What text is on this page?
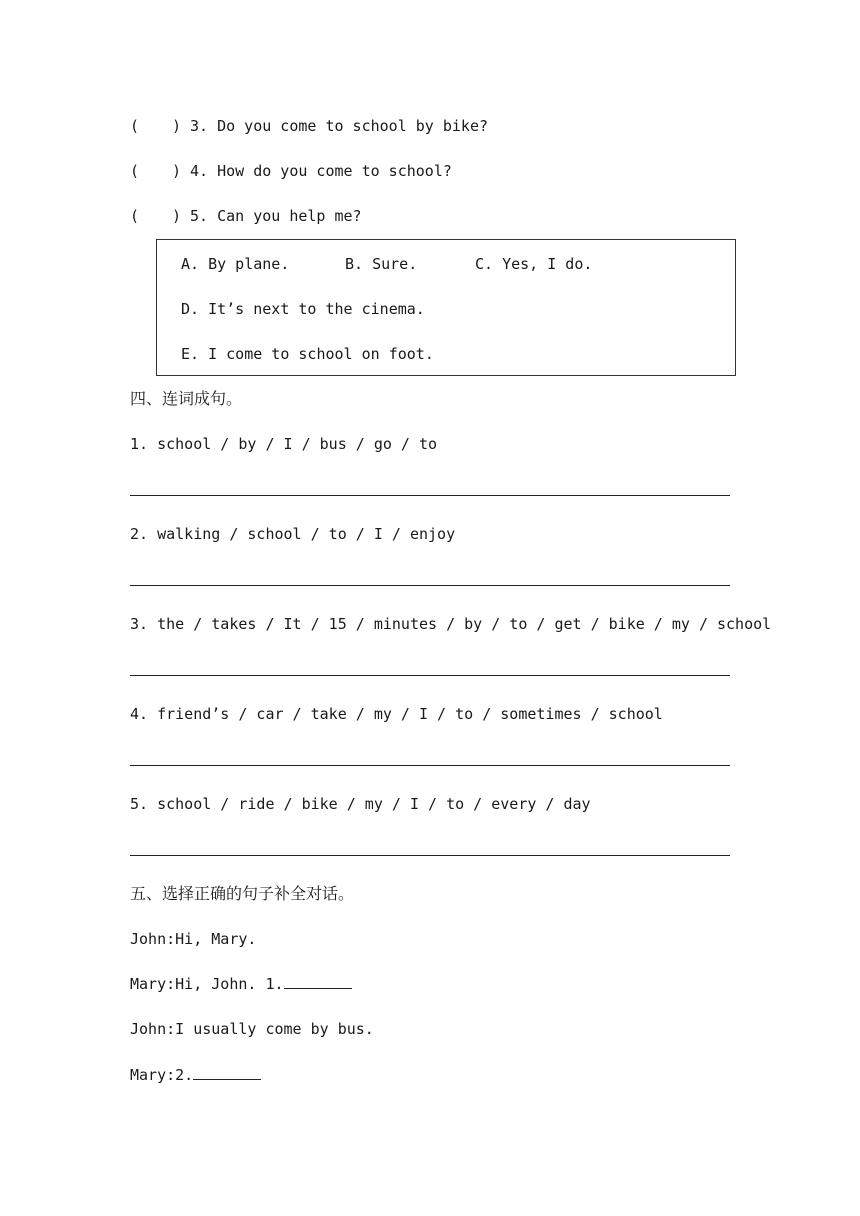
( ) 3. Do you come to school by bike?
( ) 4. How do you come to school?
( ) 5. Can you help me?
A. By plane.	B. Sure.	C. Yes, I do.
D. It’s next to the cinema.
E. I come to school on foot.
四、连词成句。
1. school / by / I / bus / go / to
2. walking / school / to / I / enjoy
3. the / takes / It / 15 / minutes / by / to / get / bike / my / school
4. friend’s / car / take / my / I / to / sometimes / school
5. school / ride / bike / my / I / to / every / day
五、选择正确的句子补全对话。
John:Hi, Mary.
Mary:Hi, John. 1.
John:I usually come by bus.
Mary:2.
